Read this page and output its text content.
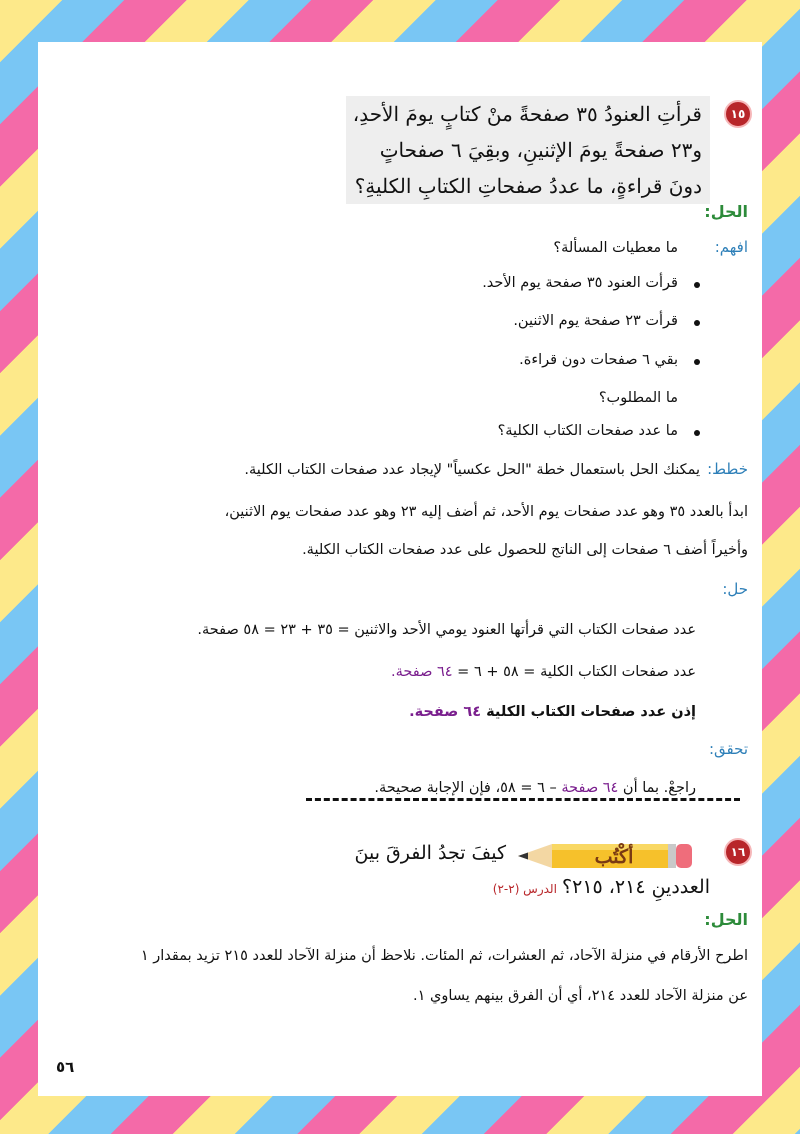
١٥
قرأتِ العنودُ ٣٥ صفحةً منْ كتابٍ يومَ الأحدِ،
و٢٣ صفحةً يومَ الإثنينِ، وبقِيَ ٦ صفحاتٍ
دونَ قراءةٍ، ما عددُ صفحاتِ الكتابِ الكليةِ؟
الحل:
افهم:
ما معطيات المسألة؟
قرأت العنود ٣٥ صفحة يوم الأحد.
قرأت ٢٣ صفحة يوم الاثنين.
بقي ٦ صفحات دون قراءة.
ما المطلوب؟
ما عدد صفحات الكتاب الكلية؟
خطط:
يمكنك الحل باستعمال خطة "الحل عكسياً" لإيجاد عدد صفحات الكتاب الكلية.
ابدأ بالعدد ٣٥ وهو عدد صفحات يوم الأحد، ثم أضف إليه ٢٣ وهو عدد صفحات يوم الاثنين،
وأخيراً أضف ٦ صفحات إلى الناتج للحصول على عدد صفحات الكتاب الكلية.
حل:
عدد صفحات الكتاب التي قرأتها العنود يومي الأحد والاثنين = ٣٥ + ٢٣ = ٥٨ صفحة.
عدد صفحات الكتاب الكلية = ٥٨ + ٦ = ٦٤ صفحة.
إذن عدد صفحات الكتاب الكلية ٦٤ صفحة.
تحقق:
راجعْ. بما أن ٦٤ صفحة – ٦ = ٥٨، فإن الإجابة صحيحة.
١٦
أكْتُب
كيفَ تجدُ الفرقَ بينَ
العددينِ ٢١٤، ٢١٥؟ الدرس (٢-٢)
الحل:
اطرح الأرقام في منزلة الآحاد، ثم العشرات، ثم المئات. نلاحظ أن منزلة الآحاد للعدد ٢١٥ تزيد بمقدار ١
عن منزلة الآحاد للعدد ٢١٤، أي أن الفرق بينهم يساوي ١.
٥٦
